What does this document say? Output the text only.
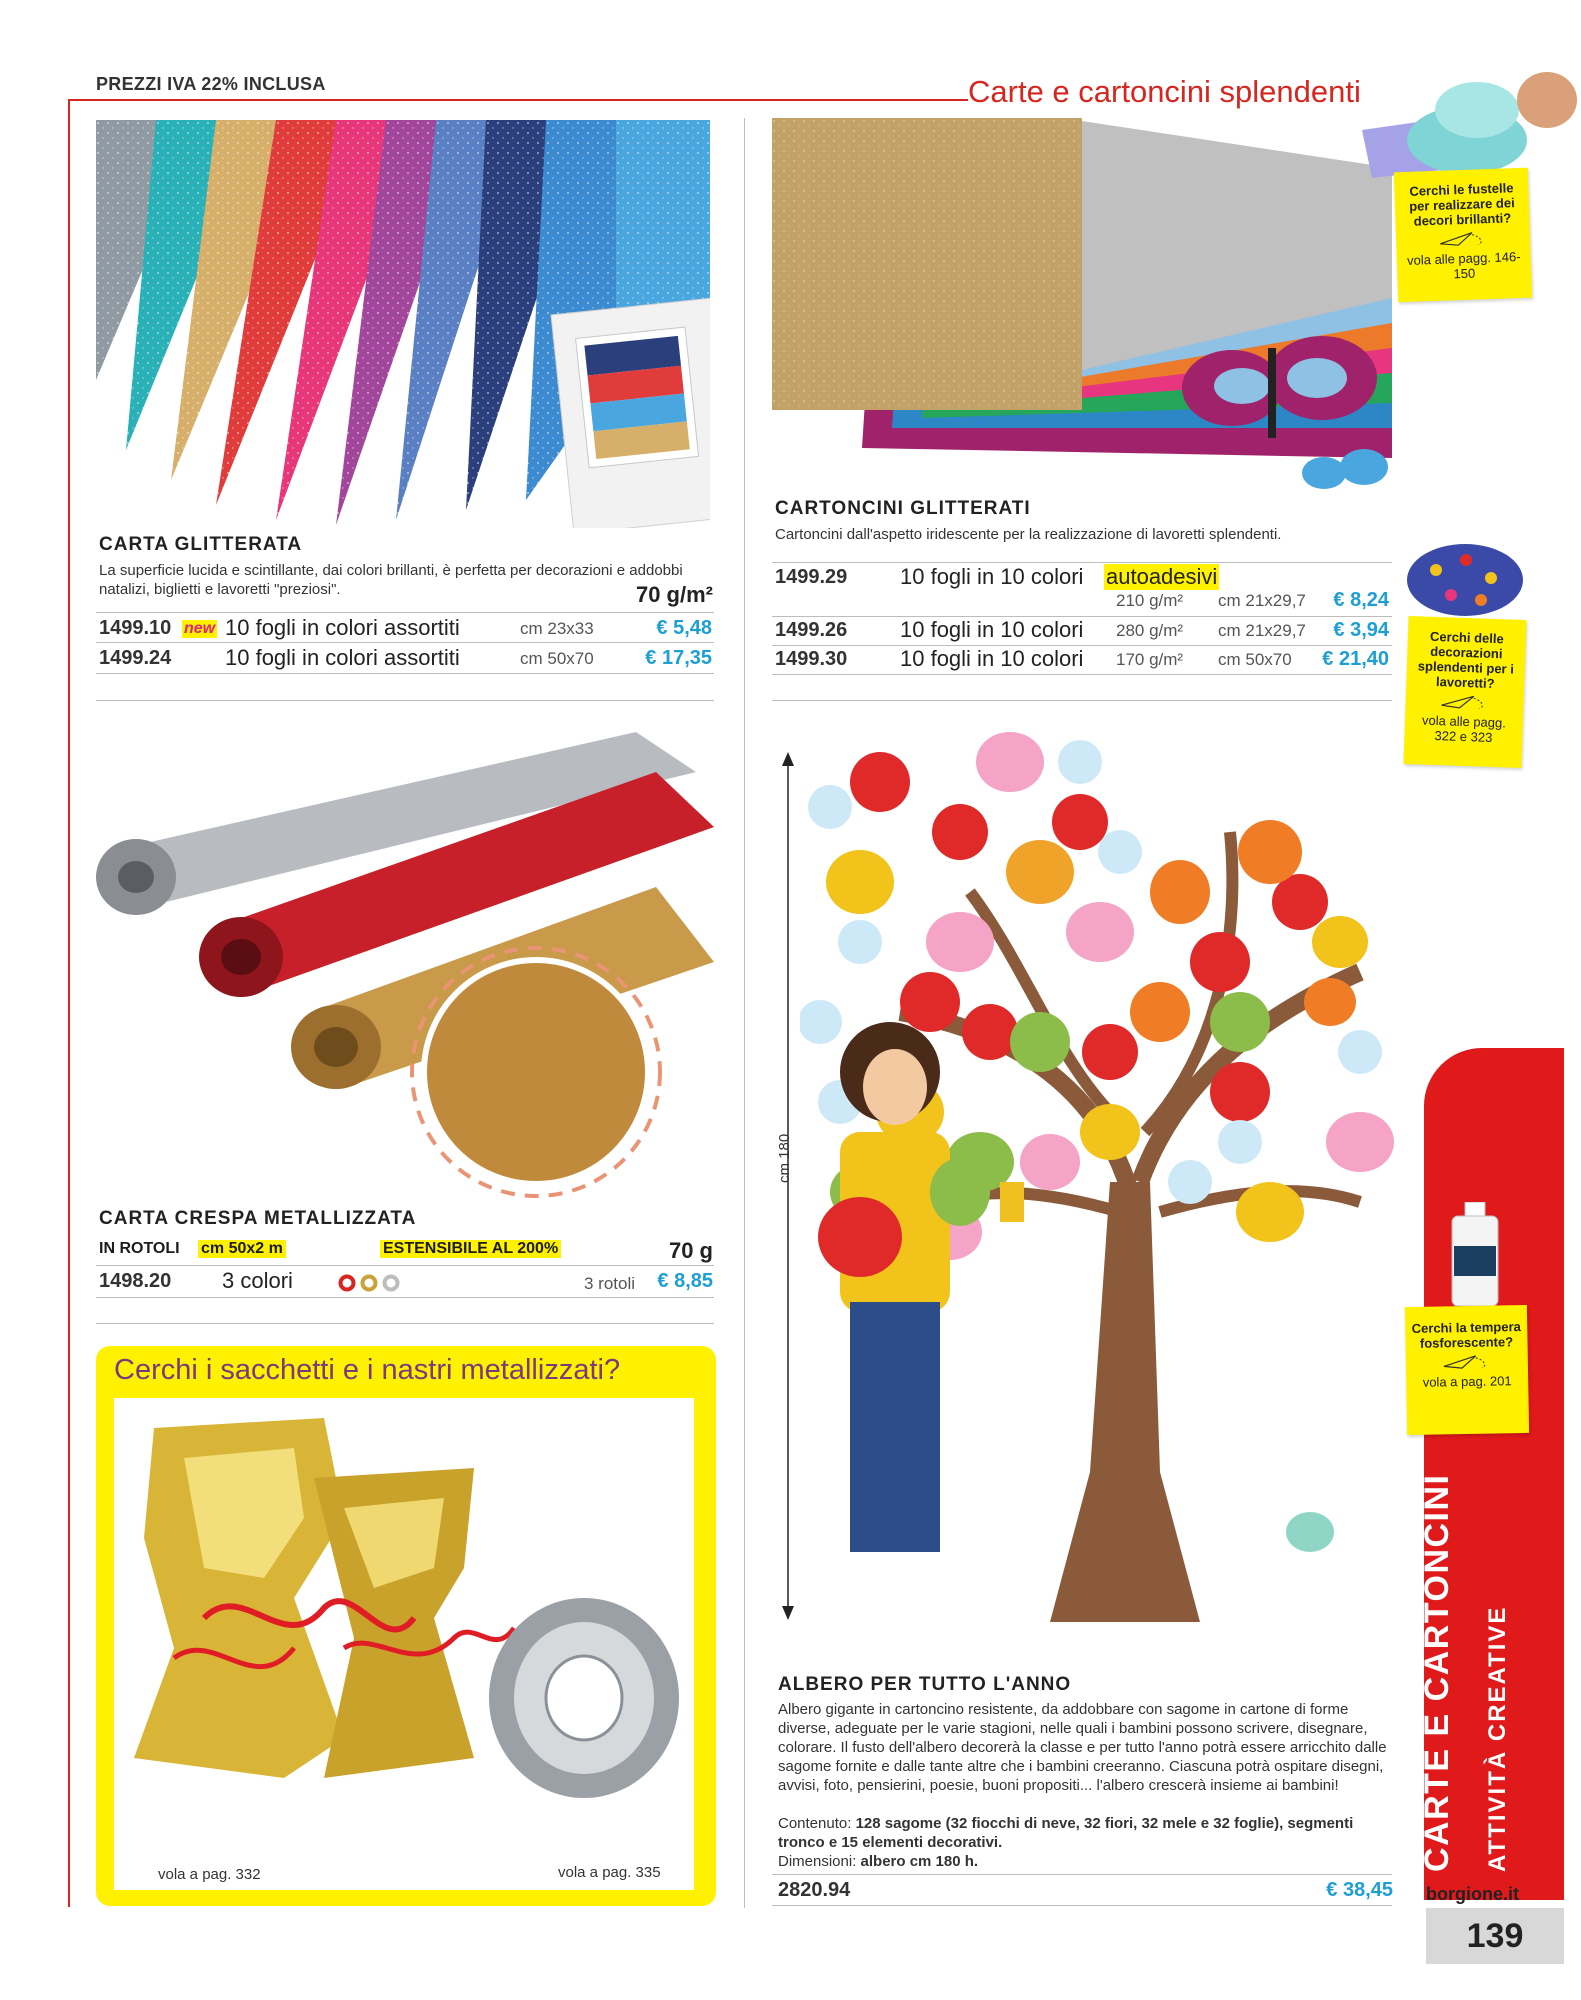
PREZZI IVA 22% INCLUSA	Carte e cartoncini splendenti
CARTA GLITTERATA
La superficie lucida e scintillante, dai colori brillanti, è perfetta per decorazioni e addobbi natalizi, biglietti e lavoretti "preziosi".	70 g/m²
1499.10 new 10 fogli in colori assortiti	cm 23x33	€ 5,48
1499.24 10 fogli in colori assortiti	cm 50x70	€ 17,35
CARTONCINI GLITTERATI
Cartoncini dall'aspetto iridescente per la realizzazione di lavoretti splendenti.
1499.29 10 fogli in 10 colori autoadesivi
210 g/m² cm 21x29,7 € 8,24
1499.26 10 fogli in 10 colori 280 g/m² cm 21x29,7 € 3,94
1499.30 10 fogli in 10 colori 170 g/m² cm 50x70 € 21,40
CARTA CRESPA METALLIZZATA
IN ROTOLI cm 50x2 m	ESTENSIBILE AL 200%	70 g
1498.20 3 colori	3 rotoli € 8,85
Cerchi i sacchetti e i nastri metallizzati?
vola a pag. 332	vola a pag. 335
cm 180
ALBERO PER TUTTO L'ANNO
Albero gigante in cartoncino resistente, da addobbare con sagome in cartone di forme diverse, adeguate per le varie stagioni, nelle quali i bambini possono scrivere, disegnare, colorare. Il fusto dell'albero decorerà la classe e per tutto l'anno potrà essere arricchito dalle sagome fornite e dalle tante altre che i bambini creeranno. Ciascuna potrà ospitare disegni, avvisi, foto, pensierini, poesie, buoni propositi... l'albero crescerà insieme ai bambini!
Contenuto: 128 sagome (32 fiocchi di neve, 32 fiori, 32 mele e 32 foglie), segmenti tronco e 15 elementi decorativi.
Dimensioni: albero cm 180 h.
2820.94	€ 38,45
Cerchi le fustelle per realizzare dei decori brillanti?
vola alle pagg. 146-150
Cerchi delle decorazioni splendenti per i lavoretti?
vola alle pagg. 322 e 323
Cerchi la tempera fosforescente?
vola a pag. 201
CARTE E CARTONCINI ATTIVITÀ CREATIVE
borgione.it
139
